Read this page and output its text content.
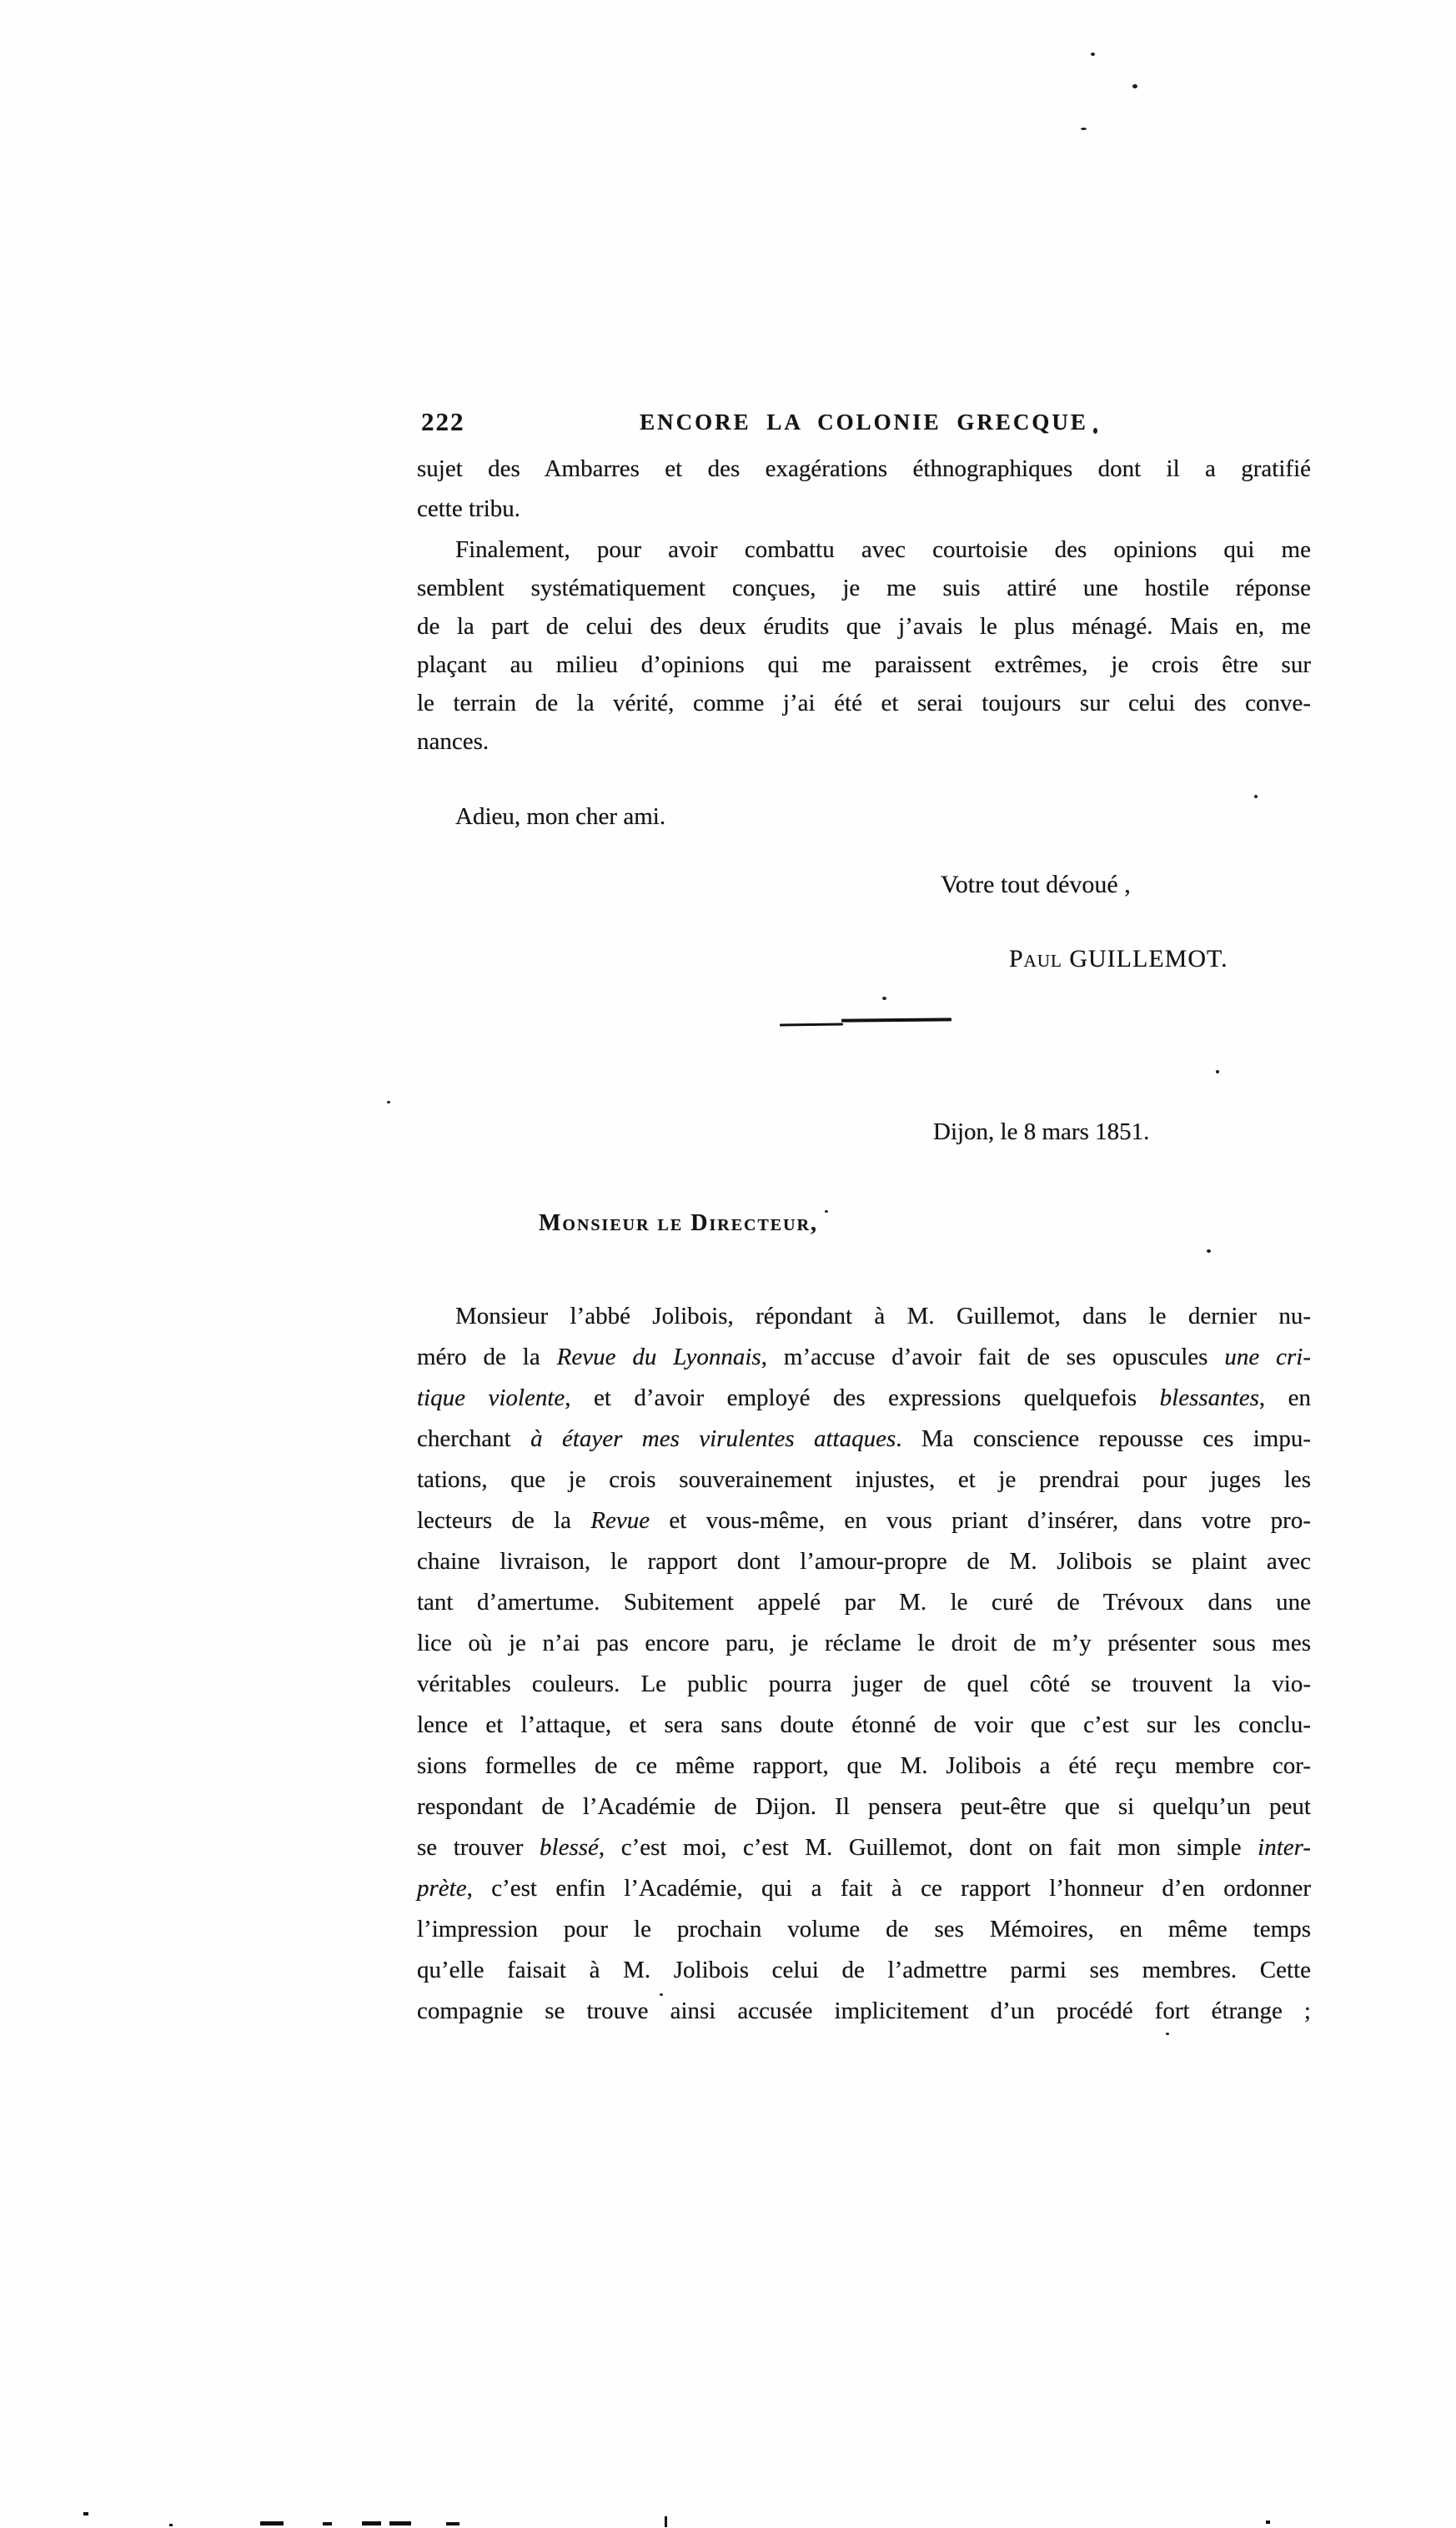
222	ENCORE LA COLONIE GRECQUE
sujet des Ambarres et des exagérations éthnographiques dont il a gratifié
cette tribu.
Finalement, pour avoir combattu avec courtoisie des opinions qui me
semblent systématiquement conçues, je me suis attiré une hostile réponse
de la part de celui des deux érudits que j’avais le plus ménagé. Mais en, me
plaçant au milieu d’opinions qui me paraissent extrêmes, je crois être sur
le terrain de la vérité, comme j’ai été et serai toujours sur celui des conve-
nances.
Adieu, mon cher ami.
Votre tout dévoué ,
Paul GUILLEMOT.
Dijon, le 8 mars 1851.
Monsieur le Directeur,
Monsieur l’abbé Jolibois, répondant à M. Guillemot, dans le dernier nu-
méro de la Revue du Lyonnais, m’accuse d’avoir fait de ses opuscules une cri-
tique violente, et d’avoir employé des expressions quelquefois blessantes, en
cherchant à étayer mes virulentes attaques. Ma conscience repousse ces impu-
tations, que je crois souverainement injustes, et je prendrai pour juges les
lecteurs de la Revue et vous-même, en vous priant d’insérer, dans votre pro-
chaine livraison, le rapport dont l’amour-propre de M. Jolibois se plaint avec
tant d’amertume. Subitement appelé par M. le curé de Trévoux dans une
lice où je n’ai pas encore paru, je réclame le droit de m’y présenter sous mes
véritables couleurs. Le public pourra juger de quel côté se trouvent la vio-
lence et l’attaque, et sera sans doute étonné de voir que c’est sur les conclu-
sions formelles de ce même rapport, que M. Jolibois a été reçu membre cor-
respondant de l’Académie de Dijon. Il pensera peut-être que si quelqu’un peut
se trouver blessé, c’est moi, c’est M. Guillemot, dont on fait mon simple inter-
prète, c’est enfin l’Académie, qui a fait à ce rapport l’honneur d’en ordonner
l’impression pour le prochain volume de ses Mémoires, en même temps
qu’elle faisait à M. Jolibois celui de l’admettre parmi ses membres. Cette
compagnie se trouve ainsi accusée implicitement d’un procédé fort étrange ;
